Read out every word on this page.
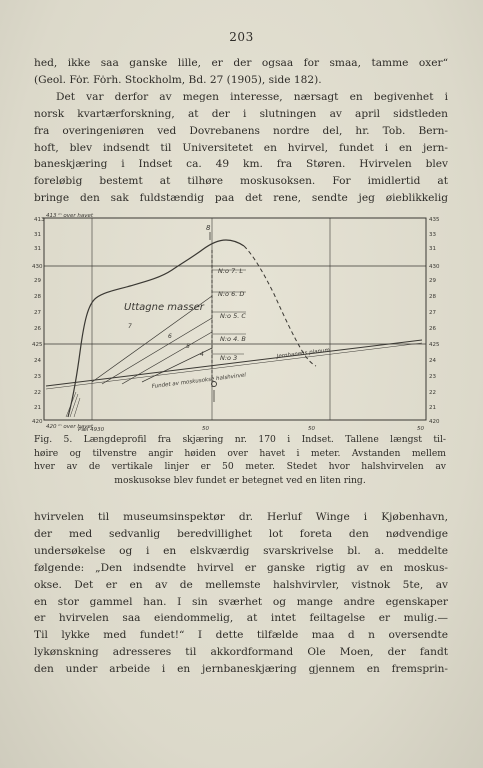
203

hed, ikke saa ganske lille, er der ogsaa for smaa, tamme oxer“
(Geol. Fȯr. Fȯrh. Stockholm, Bd. 27 (1905), side 182).
Det var derfor av megen interesse, nærsagt en begivenhet i
norsk kvartærforskning, at der i slutningen av april sidstleden
fra overingeniøren ved Dovrebanens nordre del, hr. Tob. Bern-
hoft, blev indsendt til Universitetet en hvirvel, fundet i en jern-
baneskjæring i Indset ca. 49 km. fra Støren. Hvirvelen blev
foreløbig bestemt at tilhøre moskusoksen. For imidlertid at
bringe den sak fuldstændig paa det rene, sendte jeg øieblikkelig

413
31
31
430
29
28
27
26
425
24
23
22
21
420
435
33
31
430
29
28
27
26
425
24
23
22
21
420
413 ᵐ over havet
420 ᵐ over havet
Pæl 4930	50	50	50
Uttagne masser
N:o 7. L
N:o 6. D
N:o 5. C
N:o 4. B
N:o 3
7
6
5
4
8
Jernbanens planum
Fundet av moskusokse halshvirvel

Fig. 5. Længdeprofil fra skjæring nr. 170 i Indset. Tallene længst til-
høire og tilvenstre angir høiden over havet i meter. Avstanden mellem
hver av de vertikale linjer er 50 meter. Stedet hvor halshvirvelen av
moskusokse blev fundet er betegnet ved en liten ring.

hvirvelen til museumsinspektør dr. Herluf Winge i Kjøbenhavn,
der med sedvanlig beredvillighet lot foreta den nødvendige
undersøkelse og i en elskværdig svarskrivelse bl. a. meddelte
følgende: „Den indsendte hvirvel er ganske rigtig av en moskus-
okse. Det er en av de mellemste halshvirvler, vistnok 5te, av
en stor gammel han. I sin sværhet og mange andre egenskaper
er hvirvelen saa eiendommelig, at intet feiltagelse er mulig.—
Til lykke med fundet!“ I dette tilfælde maa d n oversendte
lykønskning adresseres til akkordformand Ole Moen, der fandt
den under arbeide i en jernbaneskjæring gjennem en fremsprin-
